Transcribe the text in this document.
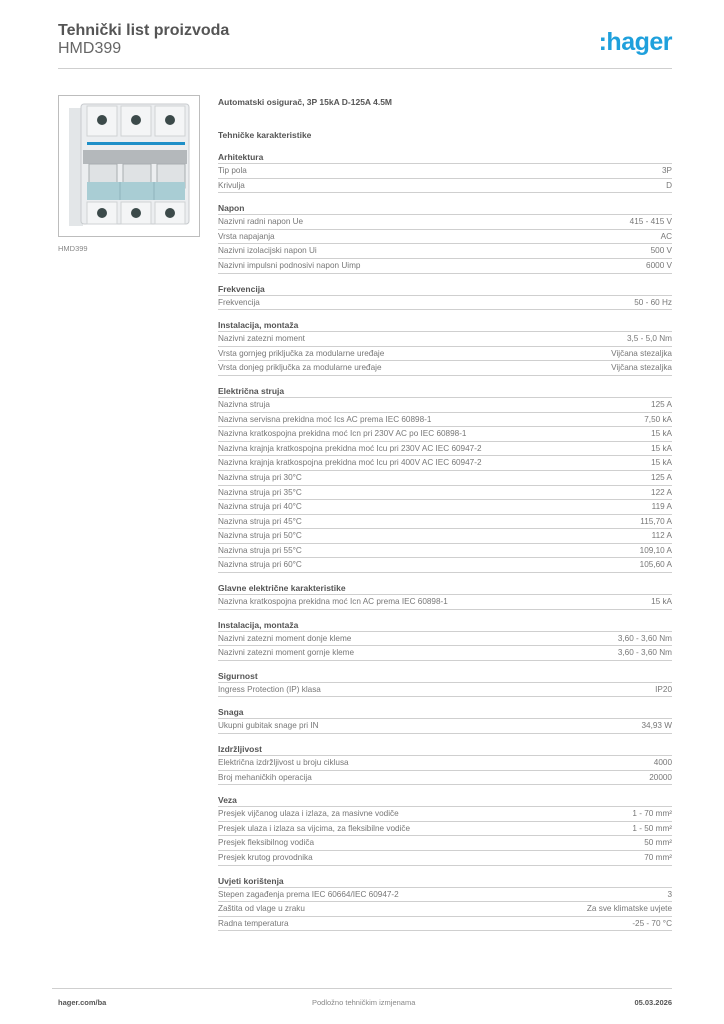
Tehnički list proizvoda
HMD399	:hager
HMD399
Automatski osigurač, 3P 15kA D-125A 4.5M
Tehničke karakteristike
Arhitektura
Tip pola	3P
Krivulja	D
Napon
Nazivni radni napon Ue	415 - 415 V
Vrsta napajanja	AC
Nazivni izolacijski napon Ui	500 V
Nazivni impulsni podnosivi napon Uimp	6000 V
Frekvencija
Frekvencija	50 - 60 Hz
Instalacija, montaža
Nazivni zatezni moment	3,5 - 5,0 Nm
Vrsta gornjeg priključka za modularne uređaje	Vijčana stezaljka
Vrsta donjeg priključka za modularne uređaje	Vijčana stezaljka
Električna struja
Nazivna struja	125 A
Nazivna servisna prekidna moć Ics AC prema IEC 60898-1	7,50 kA
Nazivna kratkospojna prekidna moć Icn pri 230V AC po IEC 60898-1	15 kA
Nazivna krajnja kratkospojna prekidna moć Icu pri 230V AC IEC 60947-2	15 kA
Nazivna krajnja kratkospojna prekidna moć Icu pri 400V AC IEC 60947-2	15 kA
Nazivna struja pri 30°C	125 A
Nazivna struja pri 35°C	122 A
Nazivna struja pri 40°C	119 A
Nazivna struja pri 45°C	115,70 A
Nazivna struja pri 50°C	112 A
Nazivna struja pri 55°C	109,10 A
Nazivna struja pri 60°C	105,60 A
Glavne električne karakteristike
Nazivna kratkospojna prekidna moć Icn AC prema IEC 60898-1	15 kA
Instalacija, montaža
Nazivni zatezni moment donje kleme	3,60 - 3,60 Nm
Nazivni zatezni moment gornje kleme	3,60 - 3,60 Nm
Sigurnost
Ingress Protection (IP) klasa	IP20
Snaga
Ukupni gubitak snage pri IN	34,93 W
Izdržljivost
Električna izdržljivost u broju ciklusa	4000
Broj mehaničkih operacija	20000
Veza
Presjek vijčanog ulaza i izlaza, za masivne vodiče	1 - 70 mm²
Presjek ulaza i izlaza sa vijcima, za fleksibilne vodiče	1 - 50 mm²
Presjek fleksibilnog vodiča	50 mm²
Presjek krutog provodnika	70 mm²
Uvjeti korištenja
Stepen zagađenja prema IEC 60664/IEC 60947-2	3
Zaštita od vlage u zraku	Za sve klimatske uvjete
Radna temperatura	-25 - 70 °C
hager.com/ba	Podložno tehničkim izmjenama	05.03.2026
